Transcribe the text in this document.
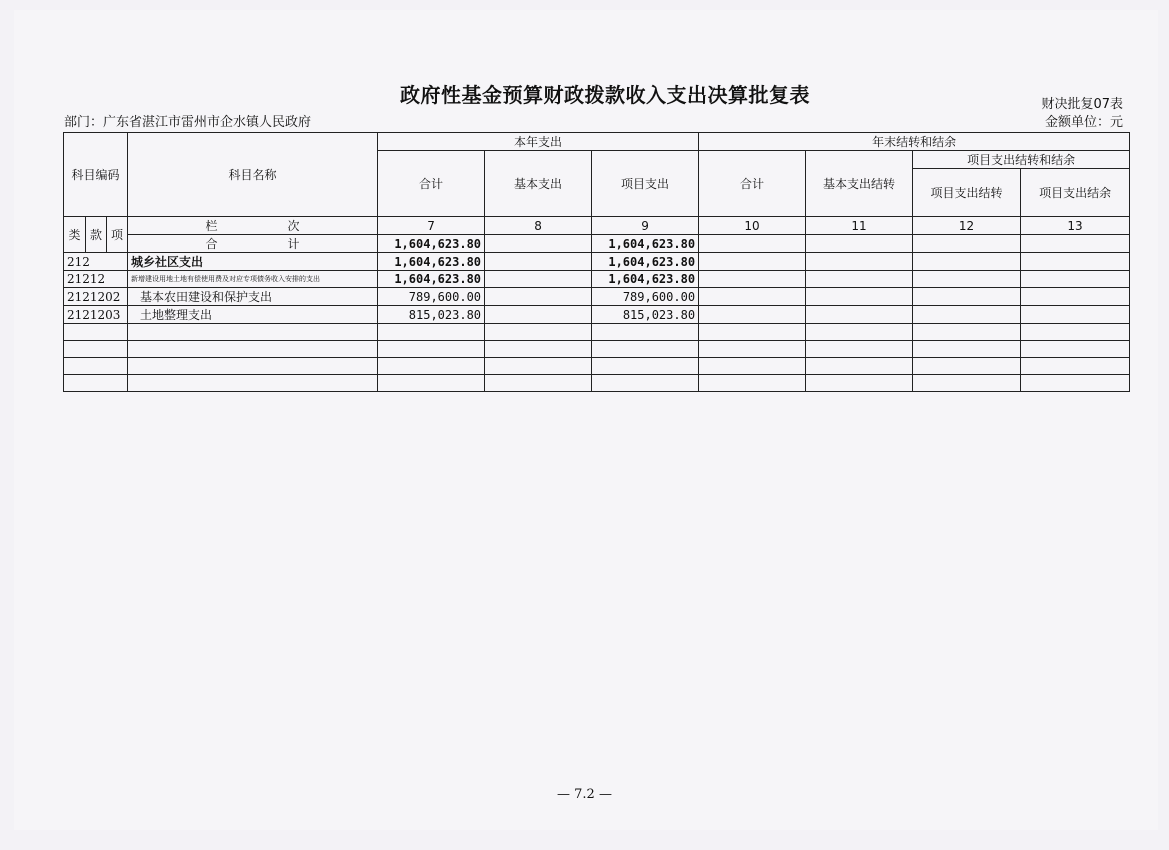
政府性基金预算财政拨款收入支出决算批复表	财决批复07表
部门：广东省湛江市雷州市企水镇人民政府	金额单位：元
科目编码			科目名称	本年支出			年末结转和结余			
				合计	基本支出	项目支出	合计	基本支出结转	项目支出结转和结余	
									项目支出结转	项目支出结余
类	款	项	栏 次	7	8	9	10	11	12	13
			合 计	1,604,623.80		1,604,623.80				
212			城乡社区支出	1,604,623.80		1,604,623.80				
21212			新增建设用地土地有偿使用费及对应专项债务收入安排的支出	1,604,623.80		1,604,623.80				
2121202			基本农田建设和保护支出	789,600.00		789,600.00				
2121203			土地整理支出	815,023.80		815,023.80				

— 7.2 —
